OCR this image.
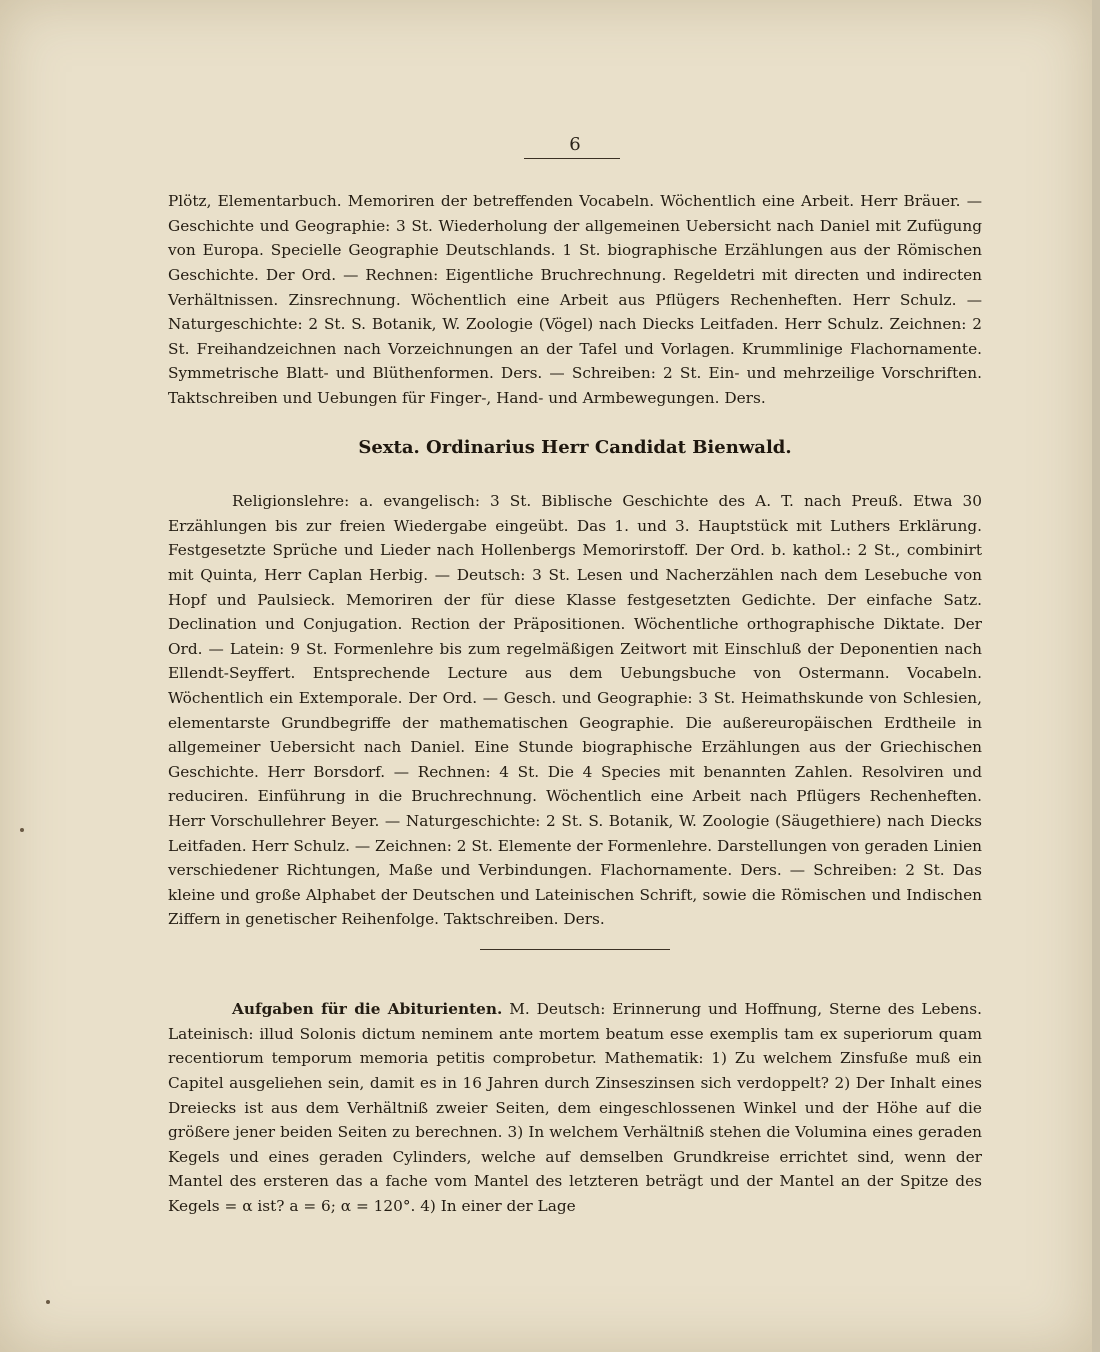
6

Plötz, Elementarbuch. Memoriren der betreffenden Vocabeln. Wöchentlich eine Arbeit. Herr Bräuer. — Geschichte und Geographie: 3 St. Wiederholung der allgemeinen Uebersicht nach Daniel mit Zufügung von Europa. Specielle Geographie Deutschlands. 1 St. biographische Erzählungen aus der Römischen Geschichte. Der Ord. — Rechnen: Eigentliche Bruchrechnung. Regeldetri mit directen und indirecten Verhältnissen. Zinsrechnung. Wöchentlich eine Arbeit aus Pflügers Rechenheften. Herr Schulz. — Naturgeschichte: 2 St. S. Botanik, W. Zoologie (Vögel) nach Diecks Leitfaden. Herr Schulz. Zeichnen: 2 St. Freihandzeichnen nach Vorzeichnungen an der Tafel und Vorlagen. Krummlinige Flachornamente. Symmetrische Blatt- und Blüthenformen. Ders. — Schreiben: 2 St. Ein- und mehrzeilige Vorschriften. Taktschreiben und Uebungen für Finger-, Hand- und Armbewegungen. Ders.

Sexta. Ordinarius Herr Candidat Bienwald.

Religionslehre: a. evangelisch: 3 St. Biblische Geschichte des A. T. nach Preuß. Etwa 30 Erzählungen bis zur freien Wiedergabe eingeübt. Das 1. und 3. Hauptstück mit Luthers Erklärung. Festgesetzte Sprüche und Lieder nach Hollenbergs Memorirstoff. Der Ord. b. kathol.: 2 St., combinirt mit Quinta, Herr Caplan Herbig. — Deutsch: 3 St. Lesen und Nacherzählen nach dem Lesebuche von Hopf und Paulsieck. Memoriren der für diese Klasse festgesetzten Gedichte. Der einfache Satz. Declination und Conjugation. Rection der Präpositionen. Wöchentliche orthographische Diktate. Der Ord. — Latein: 9 St. Formenlehre bis zum regelmäßigen Zeitwort mit Einschluß der Deponentien nach Ellendt-Seyffert. Entsprechende Lecture aus dem Uebungsbuche von Ostermann. Vocabeln. Wöchentlich ein Extemporale. Der Ord. — Gesch. und Geographie: 3 St. Heimathskunde von Schlesien, elementarste Grundbegriffe der mathematischen Geographie. Die außereuropäischen Erdtheile in allgemeiner Uebersicht nach Daniel. Eine Stunde biographische Erzählungen aus der Griechischen Geschichte. Herr Borsdorf. — Rechnen: 4 St. Die 4 Species mit benannten Zahlen. Resolviren und reduciren. Einführung in die Bruchrechnung. Wöchentlich eine Arbeit nach Pflügers Rechenheften. Herr Vorschullehrer Beyer. — Naturgeschichte: 2 St. S. Botanik, W. Zoologie (Säugethiere) nach Diecks Leitfaden. Herr Schulz. — Zeichnen: 2 St. Elemente der Formenlehre. Darstellungen von geraden Linien verschiedener Richtungen, Maße und Verbindungen. Flachornamente. Ders. — Schreiben: 2 St. Das kleine und große Alphabet der Deutschen und Lateinischen Schrift, sowie die Römischen und Indischen Ziffern in genetischer Reihenfolge. Taktschreiben. Ders.

Aufgaben für die Abiturienten. M. Deutsch: Erinnerung und Hoffnung, Sterne des Lebens. Lateinisch: illud Solonis dictum neminem ante mortem beatum esse exemplis tam ex superiorum quam recentiorum temporum memoria petitis comprobetur. Mathematik: 1) Zu welchem Zinsfuße muß ein Capitel ausgeliehen sein, damit es in 16 Jahren durch Zinseszinsen sich verdoppelt? 2) Der Inhalt eines Dreiecks ist aus dem Verhältniß zweier Seiten, dem eingeschlossenen Winkel und der Höhe auf die größere jener beiden Seiten zu berechnen. 3) In welchem Verhältniß stehen die Volumina eines geraden Kegels und eines geraden Cylinders, welche auf demselben Grundkreise errichtet sind, wenn der Mantel des ersteren das a fache vom Mantel des letzteren beträgt und der Mantel an der Spitze des Kegels = α ist? a = 6; α = 120°. 4) In einer der Lage
